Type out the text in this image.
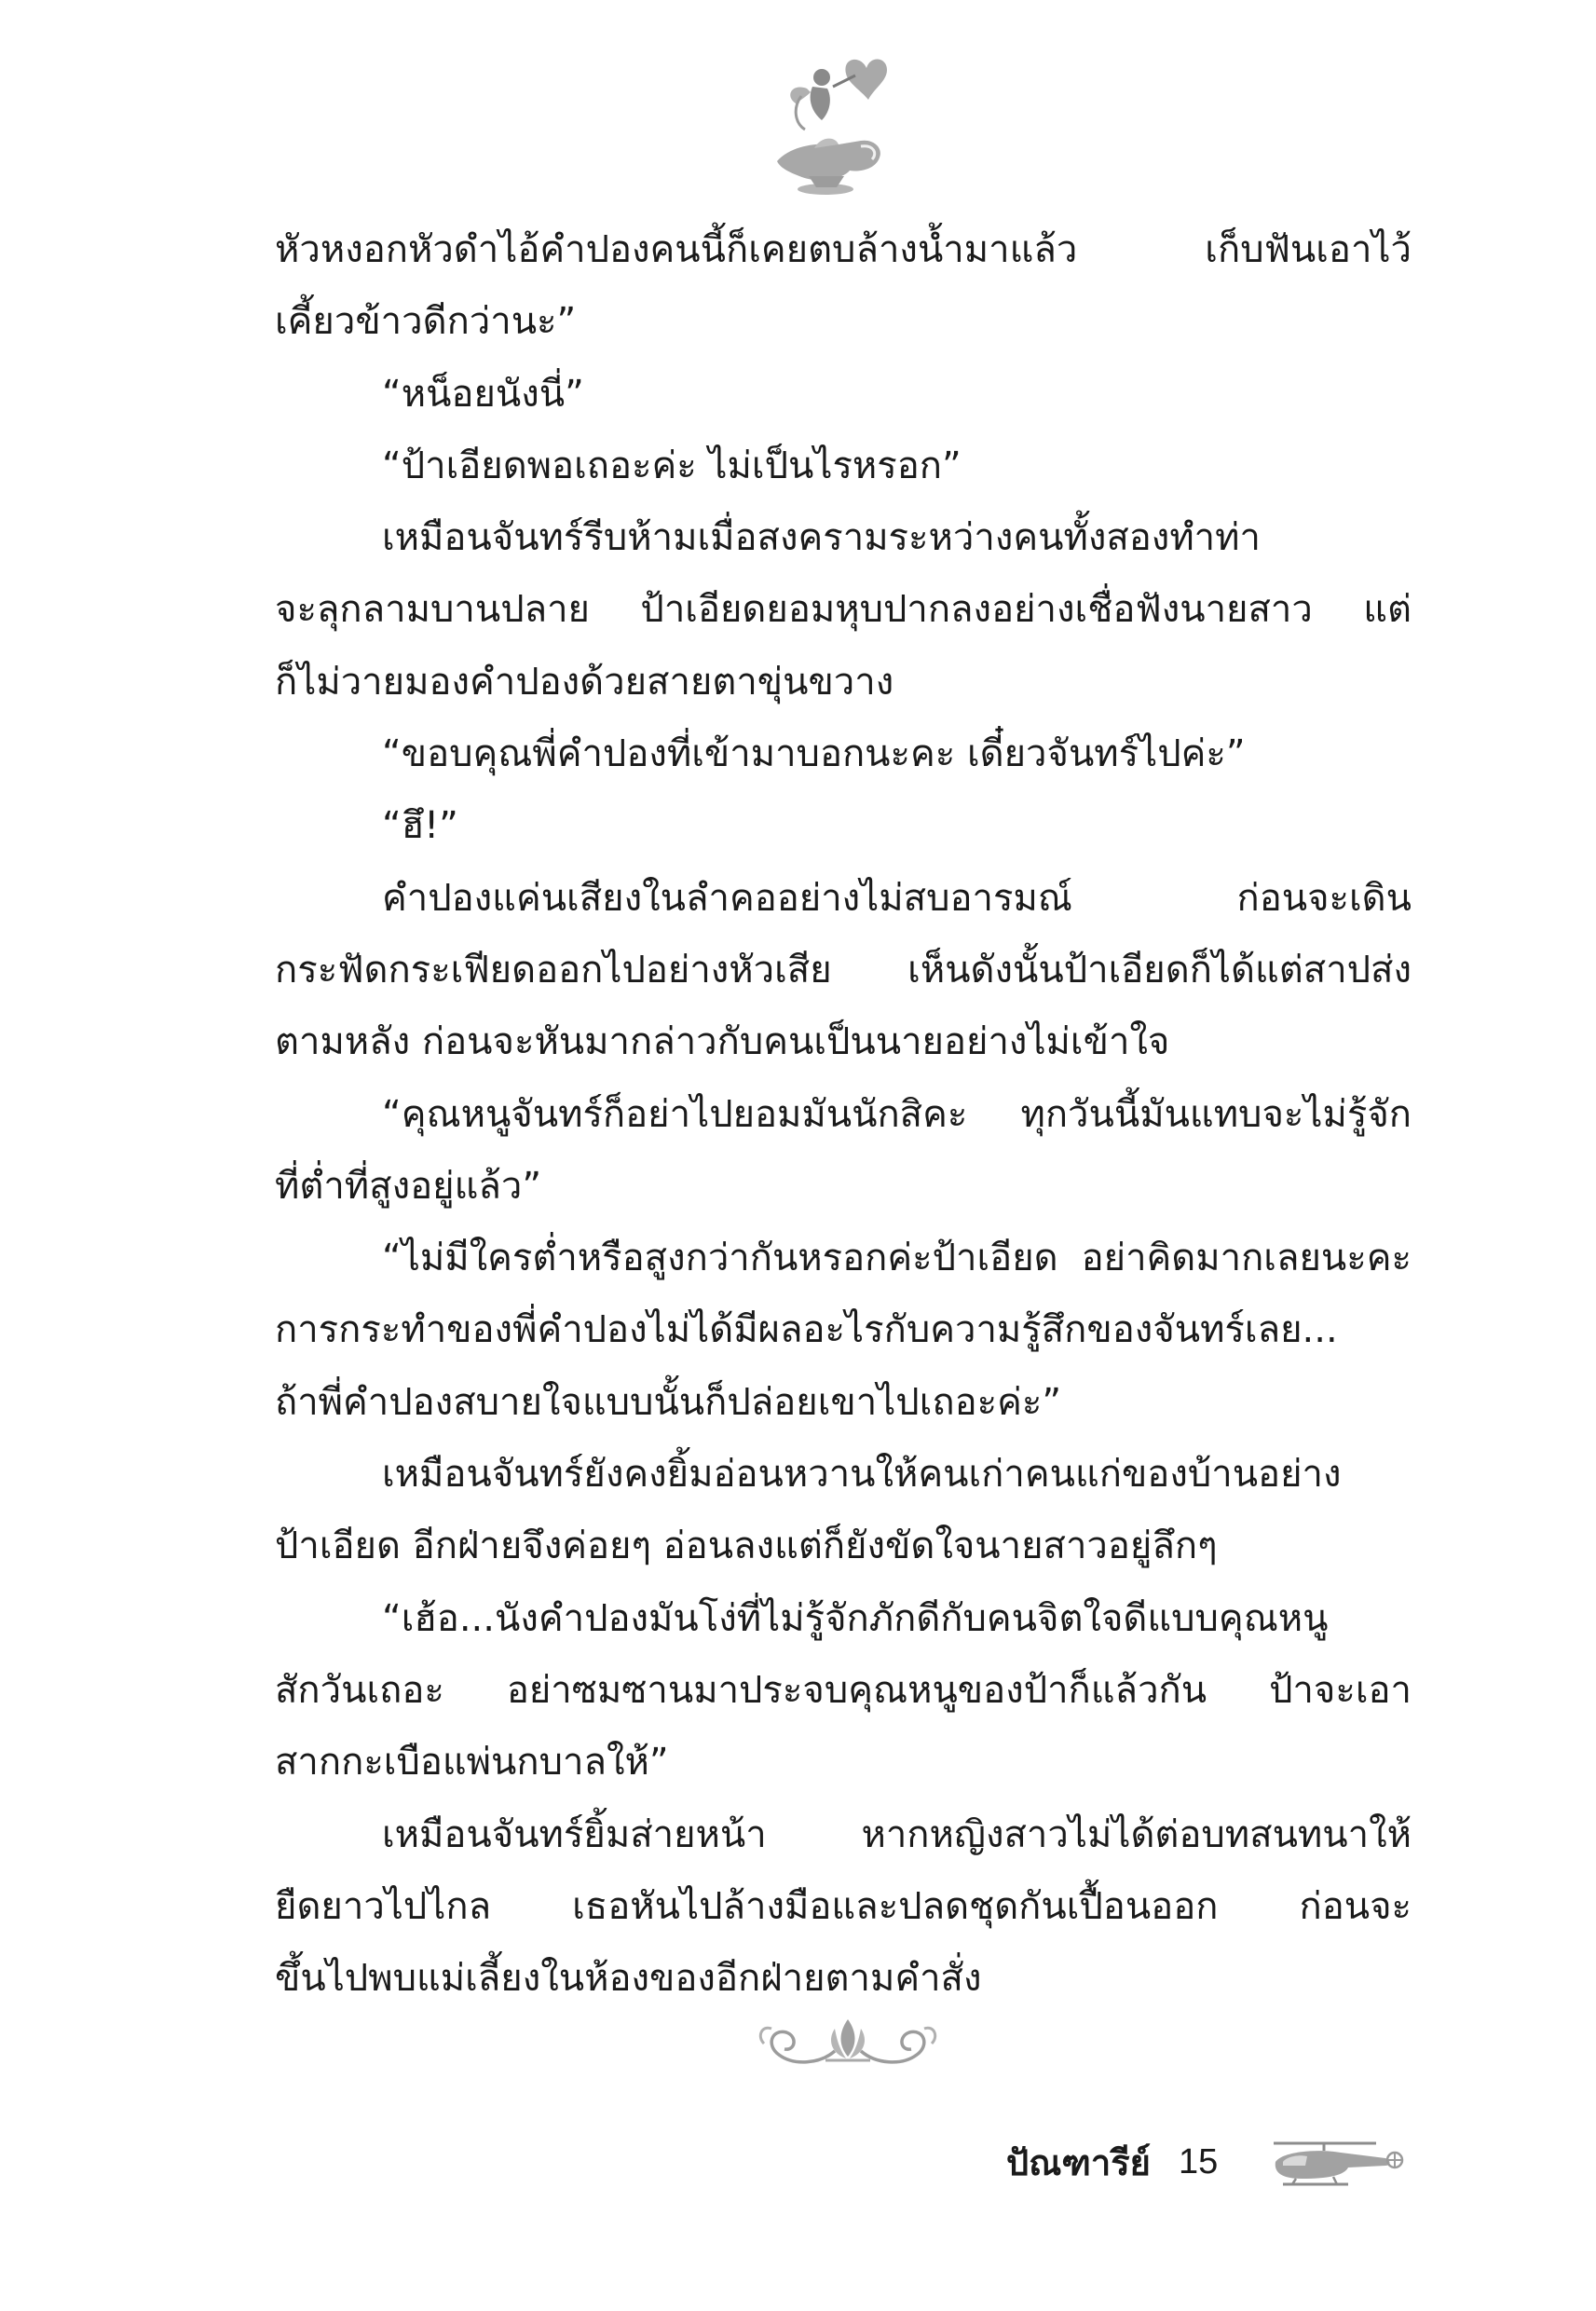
หัวหงอกหัวดำไอ้คำปองคนนี้ก็เคยตบล้างน้ำมาแล้ว เก็บฟันเอาไว้
เคี้ยวข้าวดีกว่านะ”
“หน็อยนังนี่”
“ป้าเอียดพอเถอะค่ะ ไม่เป็นไรหรอก”
เหมือนจันทร์รีบห้ามเมื่อสงครามระหว่างคนทั้งสองทำท่า
จะลุกลามบานปลาย ป้าเอียดยอมหุบปากลงอย่างเชื่อฟังนายสาว แต่
ก็ไม่วายมองคำปองด้วยสายตาขุ่นขวาง
“ขอบคุณพี่คำปองที่เข้ามาบอกนะคะ เดี๋ยวจันทร์ไปค่ะ”
“ฮึ!”
คำปองแค่นเสียงในลำคออย่างไม่สบอารมณ์ ก่อนจะเดิน
กระฟัดกระเฟียดออกไปอย่างหัวเสีย เห็นดังนั้นป้าเอียดก็ได้แต่สาปส่ง
ตามหลัง ก่อนจะหันมากล่าวกับคนเป็นนายอย่างไม่เข้าใจ
“คุณหนูจันทร์ก็อย่าไปยอมมันนักสิคะ ทุกวันนี้มันแทบจะไม่รู้จัก
ที่ต่ำที่สูงอยู่แล้ว”
“ไม่มีใครต่ำหรือสูงกว่ากันหรอกค่ะป้าเอียด อย่าคิดมากเลยนะคะ
การกระทำของพี่คำปองไม่ได้มีผลอะไรกับความรู้สึกของจันทร์เลย...
ถ้าพี่คำปองสบายใจแบบนั้นก็ปล่อยเขาไปเถอะค่ะ”
เหมือนจันทร์ยังคงยิ้มอ่อนหวานให้คนเก่าคนแก่ของบ้านอย่าง
ป้าเอียด อีกฝ่ายจึงค่อยๆ อ่อนลงแต่ก็ยังขัดใจนายสาวอยู่ลึกๆ
“เฮ้อ...นังคำปองมันโง่ที่ไม่รู้จักภักดีกับคนจิตใจดีแบบคุณหนู
สักวันเถอะ อย่าซมซานมาประจบคุณหนูของป้าก็แล้วกัน ป้าจะเอา
สากกะเบือแพ่นกบาลให้”
เหมือนจันทร์ยิ้มส่ายหน้า หากหญิงสาวไม่ได้ต่อบทสนทนาให้
ยืดยาวไปไกล เธอหันไปล้างมือและปลดชุดกันเปื้อนออก ก่อนจะ
ขึ้นไปพบแม่เลี้ยงในห้องของอีกฝ่ายตามคำสั่ง
ปัณฑารีย์ 15
